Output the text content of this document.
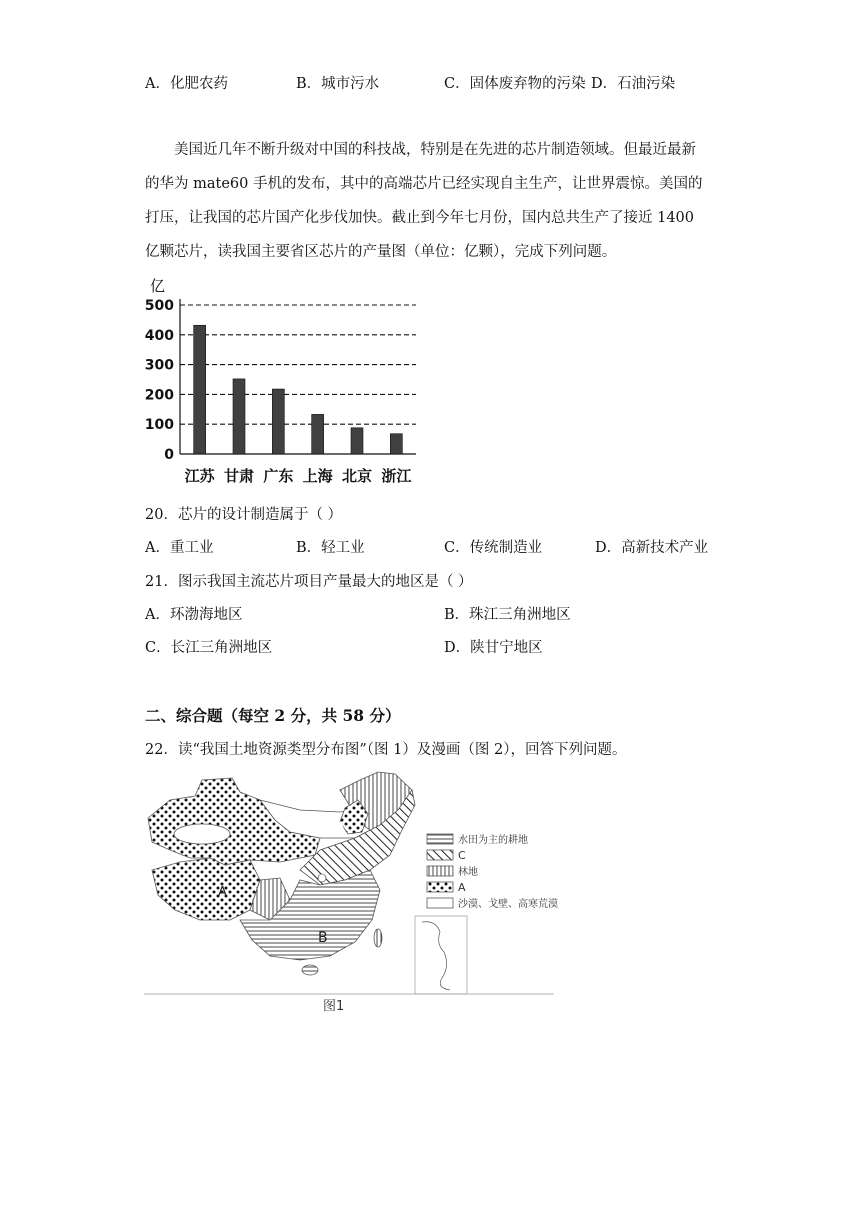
A．化肥农药	B．城市污水	C．固体废弃物的污染 D．石油污染
美国近几年不断升级对中国的科技战，特别是在先进的芯片制造领域。但最近最新
的华为 mate60 手机的发布，其中的高端芯片已经实现自主生产，让世界震惊。美国的
打压，让我国的芯片国产化步伐加快。截止到今年七月份，国内总共生产了接近 1400
亿颗芯片，读我国主要省区芯片的产量图（单位：亿颗），完成下列问题。
亿
0
100
200
300
400
500
江苏 甘肃 广东 上海 北京 浙江
20．芯片的设计制造属于（ ）
A．重工业	B．轻工业	C．传统制造业	D．高新技术产业
21．图示我国主流芯片项目产量最大的地区是（ ）
A．环渤海地区	B．珠江三角洲地区
C．长江三角洲地区	D．陕甘宁地区
二、综合题（每空 2 分，共 58 分）
22．读“我国土地资源类型分布图”（图 1）及漫画（图 2），回答下列问题。
A
A
B
水田为主的耕地
C
林地
A
沙漠、戈壁、高寒荒漠
图1
